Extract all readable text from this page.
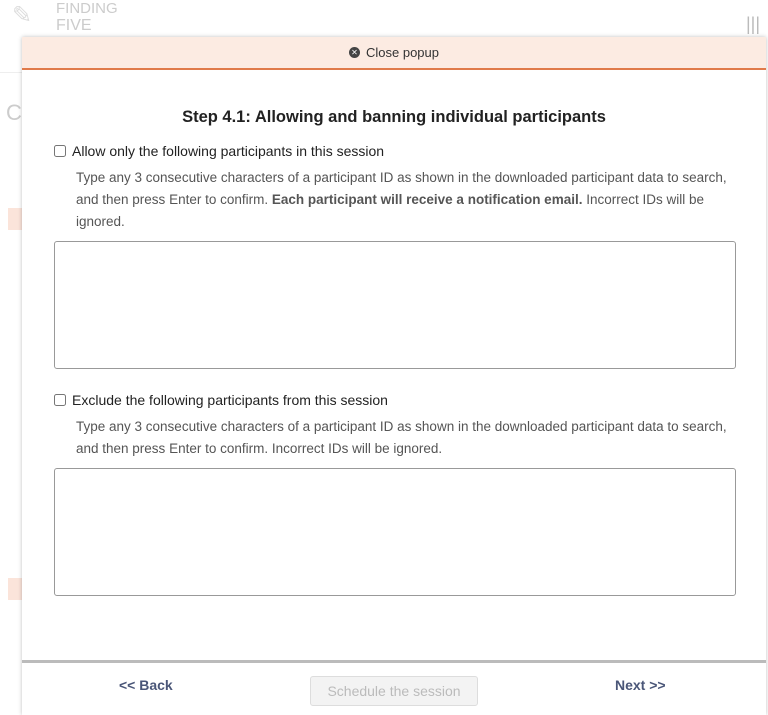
✎ FINDING
FIVE	|||
C
✕ Close popup
Step 4.1: Allowing and banning individual participants
Allow only the following participants in this session

Type any 3 consecutive characters of a participant ID as shown in the downloaded participant data to search, and then press Enter to confirm. Each participant will receive a notification email. Incorrect IDs will be ignored.

Exclude the following participants from this session

Type any 3 consecutive characters of a participant ID as shown in the downloaded participant data to search, and then press Enter to confirm. Incorrect IDs will be ignored.

<< Back	Schedule the session	Next >>
